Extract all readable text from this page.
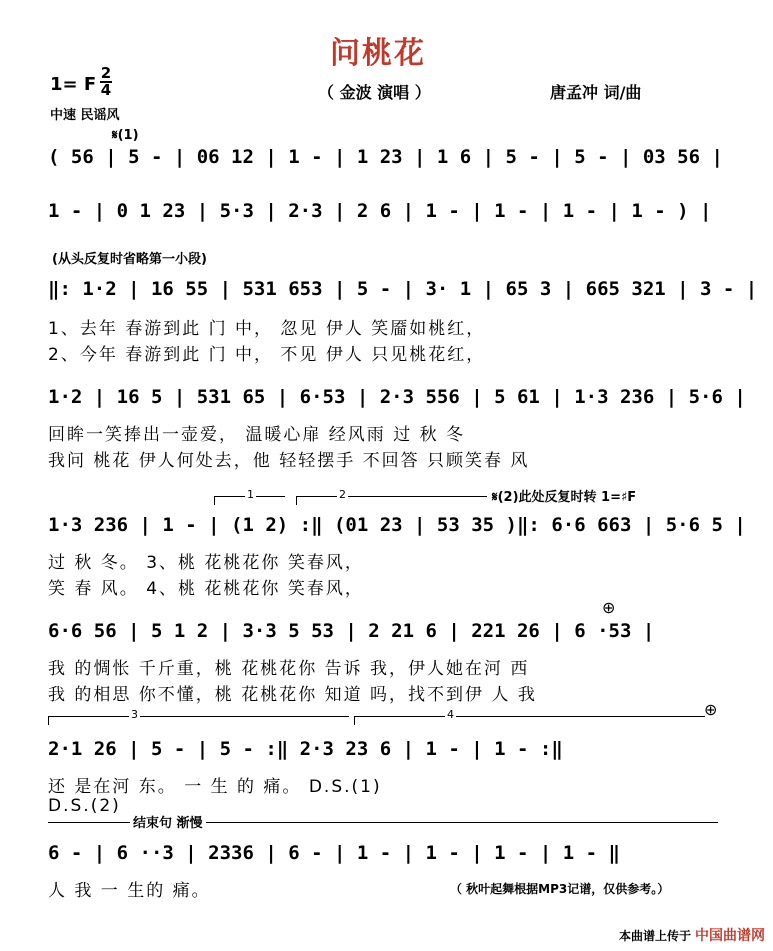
问桃花
1= F
2
4	（ 金波 演唱 ）	唐孟冲 词/曲
中速 民谣风
𝄋(1)
( 56 | 5 - | 06 12 | 1 - | 1 23 | 1 6 | 5 - | 5 - | 03 56 |
1 - | 0 1 23 | 5·3 | 2·3 | 2 6 | 1 - | 1 - | 1 - | 1 - ) |
(从头反复时省略第一小段)
‖: 1·2 | 16 55 | 531 653 | 5 - | 3· 1 | 65 3 | 665 321 | 3 - |
1、去年 春游到此 门 中， 忽见 伊人 笑靥如桃红，
2、今年 春游到此 门 中， 不见 伊人 只见桃花红，
1·2 | 16 5 | 531 65 | 6·53 | 2·3 556 | 5 61 | 1·3 236 | 5·6 |
回眸一笑捧出一壶爱， 温暖心扉 经风雨 过 秋 冬
我问 桃花 伊人何处去，他 轻轻摆手 不回答 只顾笑春 风
1	2	𝄋(2)此处反复时转 1=♯F
1·3 236 | 1 - | (1 2) :‖ (01 23 | 53 35 )‖: 6·6 663 | 5·6 5 |
过 秋 冬。 3、桃 花桃花你 笑春风，
笑 春 风。 4、桃 花桃花你 笑春风，
⊕
6·6 56 | 5 1 2 | 3·3 5 53 | 2 21 6 | 221 26 | 6 ·53 |
我 的惆怅 千斤重，桃 花桃花你 告诉 我，伊人她在河 西
我 的相思 你不懂，桃 花桃花你 知道 吗，找不到伊 人 我
3	4	⊕
2·1 26 | 5 - | 5 - :‖ 2·3 23 6 | 1 - | 1 - :‖
还 是在河 东。 一 生 的 痛。 D.S.(1)
D.S.(2)
结束句 渐慢
6 - | 6 ··3 | 2336 | 6 - | 1 - | 1 - | 1 - | 1 - ‖
人 我 一 生的 痛。	（ 秋叶起舞根据MP3记谱，仅供参考。）
本曲谱上传于 中国曲谱网
